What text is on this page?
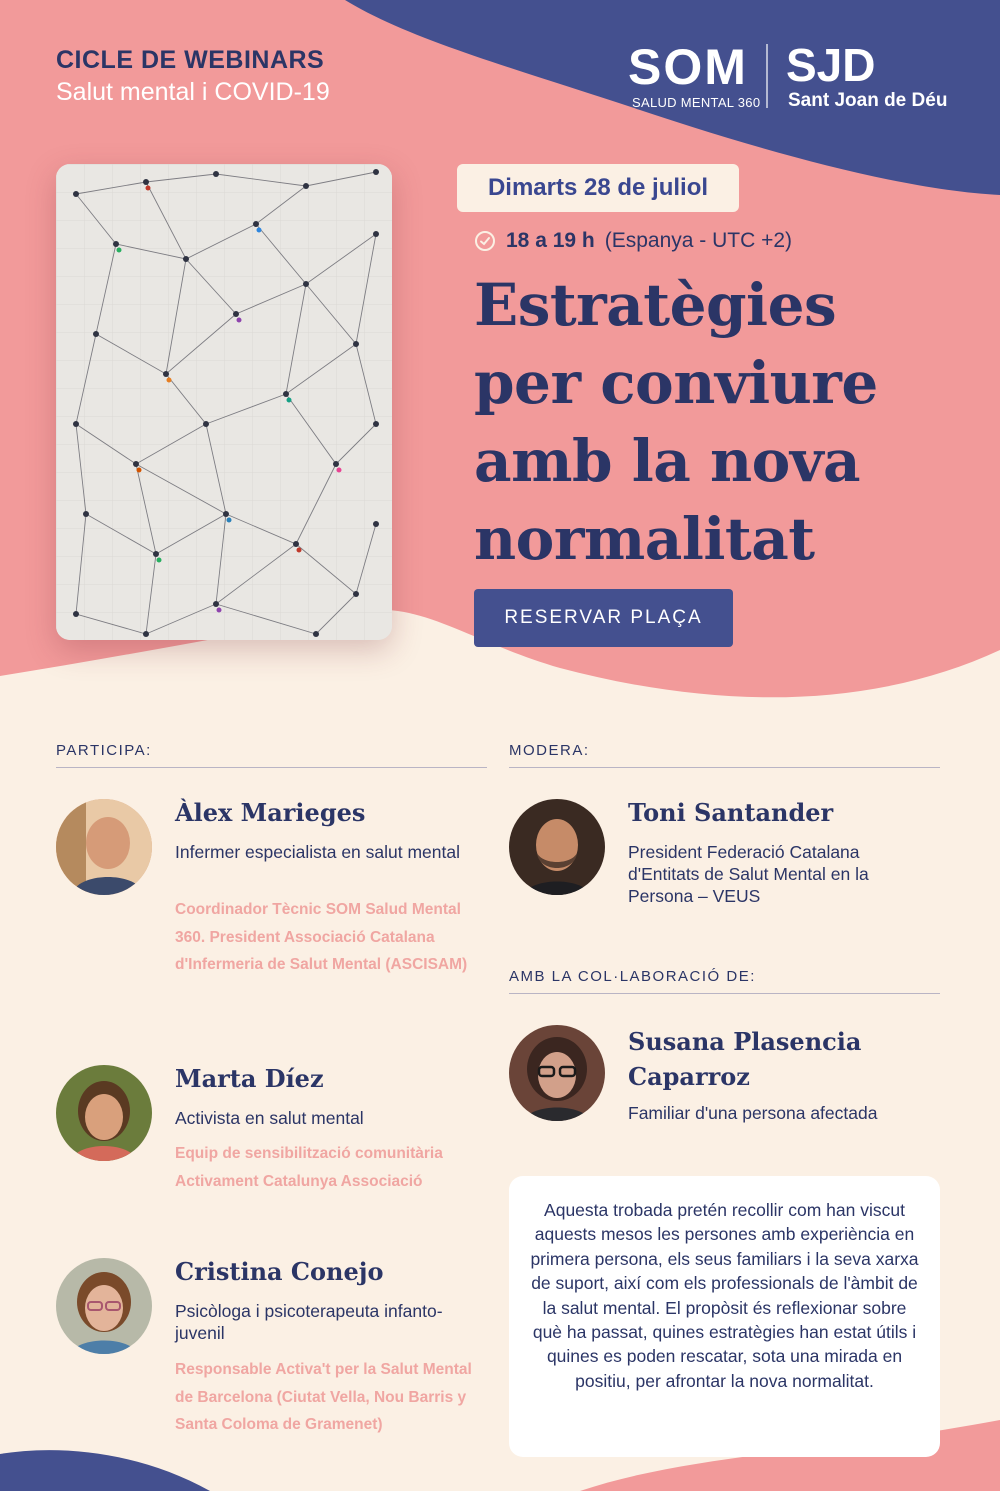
CICLE DE WEBINARS
Salut mental i COVID-19	SOM
SALUD MENTAL 360
SJD
Sant Joan de Déu
Dimarts 28 de juliol
18 a 19 h (Espanya - UTC +2)
Estratègies
per conviure
amb la nova
normalitat
RESERVAR PLAÇA
PARTICIPA:
Àlex Marieges
Infermer especialista en salut mental
Coordinador Tècnic SOM Salud Mental 360. President Associació Catalana d'Infermeria de Salut Mental (ASCISAM)
Marta Díez
Activista en salut mental
Equip de sensibilització comunitària Activament Catalunya Associació
Cristina Conejo
Psicòloga i psicoterapeuta infanto-juvenil
Responsable Activa't per la Salut Mental de Barcelona (Ciutat Vella, Nou Barris y Santa Coloma de Gramenet)
MODERA:
Toni Santander
President Federació Catalana d'Entitats de Salut Mental en la Persona – VEUS
AMB LA COL·LABORACIÓ DE:
Susana Plasencia Caparroz
Familiar d'una persona afectada

Aquesta trobada pretén recollir com han viscut aquests mesos les persones amb experiència en primera persona, els seus familiars i la seva xarxa de suport, així com els professionals de l'àmbit de la salut mental. El propòsit és reflexionar sobre què ha passat, quines estratègies han estat útils i quines es poden rescatar, sota una mirada en positiu, per afrontar la nova normalitat.
